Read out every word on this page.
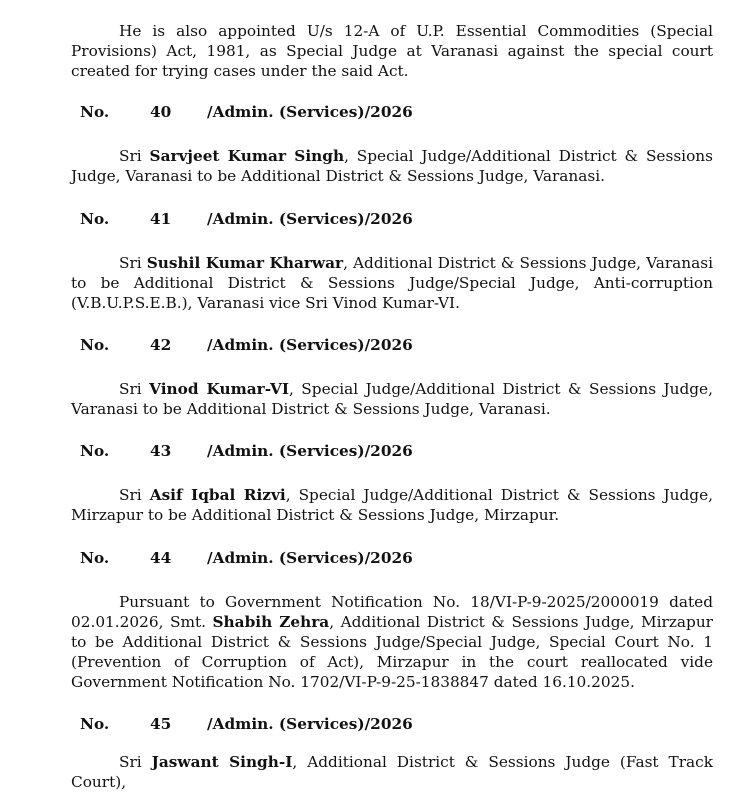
He is also appointed U/s 12-A of U.P. Essential Commodities (Special Provisions) Act, 1981, as Special Judge at Varanasi against the special court created for trying cases under the said Act.

No.	40 /Admin. (Services)/2026

Sri Sarvjeet Kumar Singh, Special Judge/Additional District & Sessions Judge, Varanasi to be Additional District & Sessions Judge, Varanasi.

No.	41 /Admin. (Services)/2026

Sri Sushil Kumar Kharwar, Additional District & Sessions Judge, Varanasi to be Additional District & Sessions Judge/Special Judge, Anti-corruption (V.B.U.P.S.E.B.), Varanasi vice Sri Vinod Kumar-VI.

No.	42 /Admin. (Services)/2026

Sri Vinod Kumar-VI, Special Judge/Additional District & Sessions Judge, Varanasi to be Additional District & Sessions Judge, Varanasi.

No.	43 /Admin. (Services)/2026

Sri Asif Iqbal Rizvi, Special Judge/Additional District & Sessions Judge, Mirzapur to be Additional District & Sessions Judge, Mirzapur.

No.	44 /Admin. (Services)/2026

Pursuant to Government Notification No. 18/VI-P-9-2025/2000019 dated 02.01.2026, Smt. Shabih Zehra, Additional District & Sessions Judge, Mirzapur to be Additional District & Sessions Judge/Special Judge, Special Court No. 1 (Prevention of Corruption of Act), Mirzapur in the court reallocated vide Government Notification No. 1702/VI-P-9-25-1838847 dated 16.10.2025.

No.	45 /Admin. (Services)/2026

Sri Jaswant Singh-I, Additional District & Sessions Judge (Fast Track Court),
